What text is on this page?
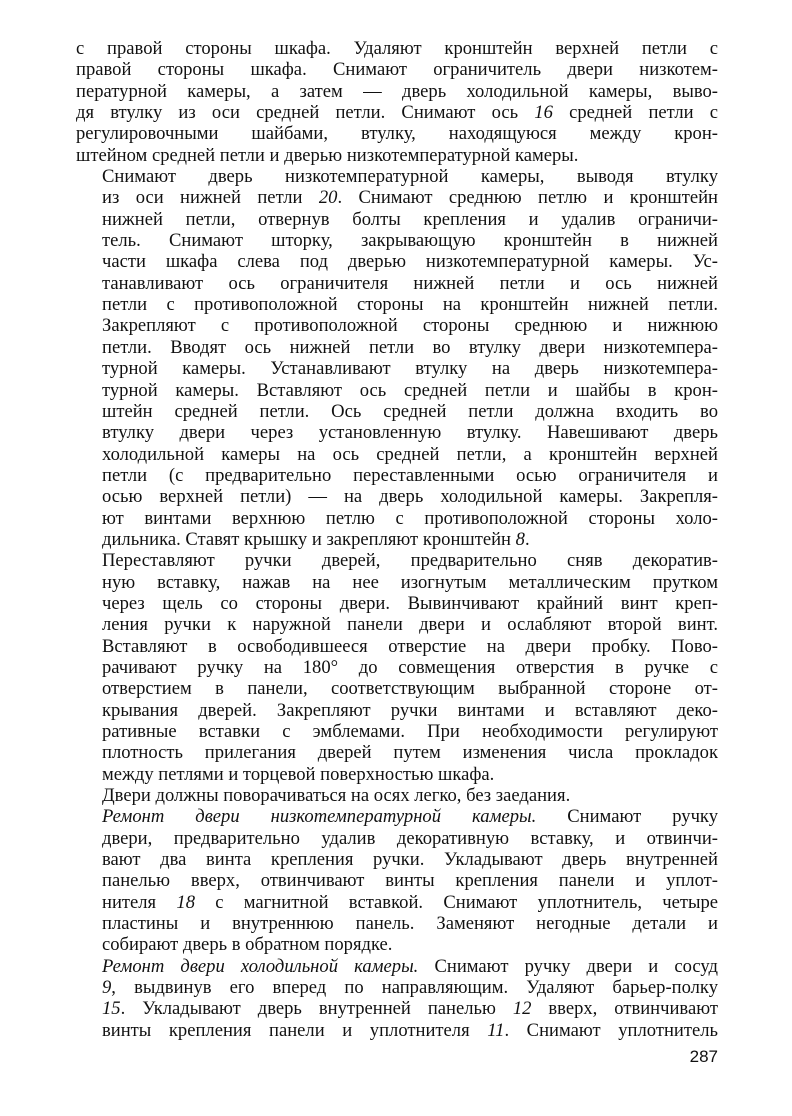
с правой стороны шкафа. Удаляют кронштейн верхней петли с
правой стороны шкафа. Снимают ограничитель двери низкотем-
пературной камеры, а затем — дверь холодильной камеры, выво-
дя втулку из оси средней петли. Снимают ось 16 средней петли с
регулировочными шайбами, втулку, находящуюся между крон-
штейном средней петли и дверью низкотемпературной камеры.

Снимают дверь низкотемпературной камеры, выводя втулку
из оси нижней петли 20. Снимают среднюю петлю и кронштейн
нижней петли, отвернув болты крепления и удалив ограничи-
тель. Снимают шторку, закрывающую кронштейн в нижней
части шкафа слева под дверью низкотемпературной камеры. Ус-
танавливают ось ограничителя нижней петли и ось нижней
петли с противоположной стороны на кронштейн нижней петли.
Закрепляют с противоположной стороны среднюю и нижнюю
петли. Вводят ось нижней петли во втулку двери низкотемпера-
турной камеры. Устанавливают втулку на дверь низкотемпера-
турной камеры. Вставляют ось средней петли и шайбы в крон-
штейн средней петли. Ось средней петли должна входить во
втулку двери через установленную втулку. Навешивают дверь
холодильной камеры на ось средней петли, а кронштейн верхней
петли (с предварительно переставленными осью ограничителя и
осью верхней петли) — на дверь холодильной камеры. Закрепля-
ют винтами верхнюю петлю с противоположной стороны холо-
дильника. Ставят крышку и закрепляют кронштейн 8.

Переставляют ручки дверей, предварительно сняв декоратив-
ную вставку, нажав на нее изогнутым металлическим прутком
через щель со стороны двери. Вывинчивают крайний винт креп-
ления ручки к наружной панели двери и ослабляют второй винт.
Вставляют в освободившееся отверстие на двери пробку. Пово-
рачивают ручку на 180° до совмещения отверстия в ручке с
отверстием в панели, соответствующим выбранной стороне от-
крывания дверей. Закрепляют ручки винтами и вставляют деко-
ративные вставки с эмблемами. При необходимости регулируют
плотность прилегания дверей путем изменения числа прокладок
между петлями и торцевой поверхностью шкафа.

Двери должны поворачиваться на осях легко, без заедания.

Ремонт двери низкотемпературной камеры. Снимают ручку
двери, предварительно удалив декоративную вставку, и отвинчи-
вают два винта крепления ручки. Укладывают дверь внутренней
панелью вверх, отвинчивают винты крепления панели и уплот-
нителя 18 с магнитной вставкой. Снимают уплотнитель, четыре
пластины и внутреннюю панель. Заменяют негодные детали и
собирают дверь в обратном порядке.

Ремонт двери холодильной камеры. Снимают ручку двери и сосуд
9, выдвинув его вперед по направляющим. Удаляют барьер-полку
15. Укладывают дверь внутренней панелью 12 вверх, отвинчивают
винты крепления панели и уплотнителя 11. Снимают уплотнитель

287
